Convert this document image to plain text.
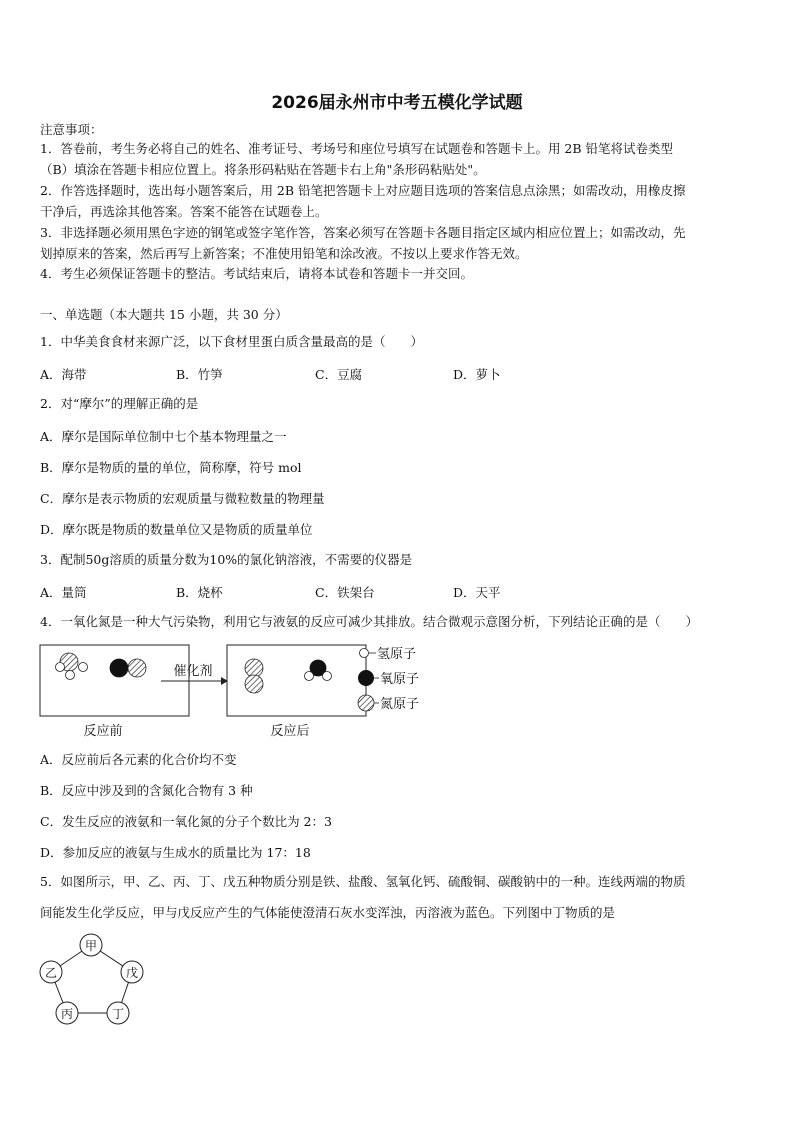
2026届永州市中考五模化学试题
注意事项：
1．答卷前，考生务必将自己的姓名、准考证号、考场号和座位号填写在试题卷和答题卡上。用 2B 铅笔将试卷类型
（B）填涂在答题卡相应位置上。将条形码粘贴在答题卡右上角"条形码粘贴处"。
2．作答选择题时，选出每小题答案后，用 2B 铅笔把答题卡上对应题目选项的答案信息点涂黑；如需改动，用橡皮擦
干净后，再选涂其他答案。答案不能答在试题卷上。
3．非选择题必须用黑色字迹的钢笔或签字笔作答，答案必须写在答题卡各题目指定区域内相应位置上；如需改动，先
划掉原来的答案，然后再写上新答案；不准使用铅笔和涂改液。不按以上要求作答无效。
4．考生必须保证答题卡的整洁。考试结束后，请将本试卷和答题卡一并交回。
一、单选题（本大题共 15 小题，共 30 分）
1．中华美食食材来源广泛，以下食材里蛋白质含量最高的是（　　）
A．海带	B．竹笋	C．豆腐	D．萝卜
2．对“摩尔”的理解正确的是
A．摩尔是国际单位制中七个基本物理量之一
B．摩尔是物质的量的单位，简称摩，符号 mol
C．摩尔是表示物质的宏观质量与微粒数量的物理量
D．摩尔既是物质的数量单位又是物质的质量单位
3．配制50g溶质的质量分数为10%的氯化钠溶液，不需要的仪器是
A．量筒	B．烧杯	C．铁架台	D．天平
4．一氧化氮是一种大气污染物，利用它与液氨的反应可减少其排放。结合微观示意图分析，下列结论正确的是（　　）
催化剂
反应前	反应后
氢原子
氧原子
氮原子
A．反应前后各元素的化合价均不变
B．反应中涉及到的含氮化合物有 3 种
C．发生反应的液氨和一氧化氮的分子个数比为 2：3
D．参加反应的液氨与生成水的质量比为 17：18
5．如图所示，甲、乙、丙、丁、戊五种物质分别是铁、盐酸、氢氧化钙、硫酸铜、碳酸钠中的一种。连线两端的物质
间能发生化学反应，甲与戊反应产生的气体能使澄清石灰水变浑浊，丙溶液为蓝色。下列图中丁物质的是
甲
乙	戊
丙	丁
